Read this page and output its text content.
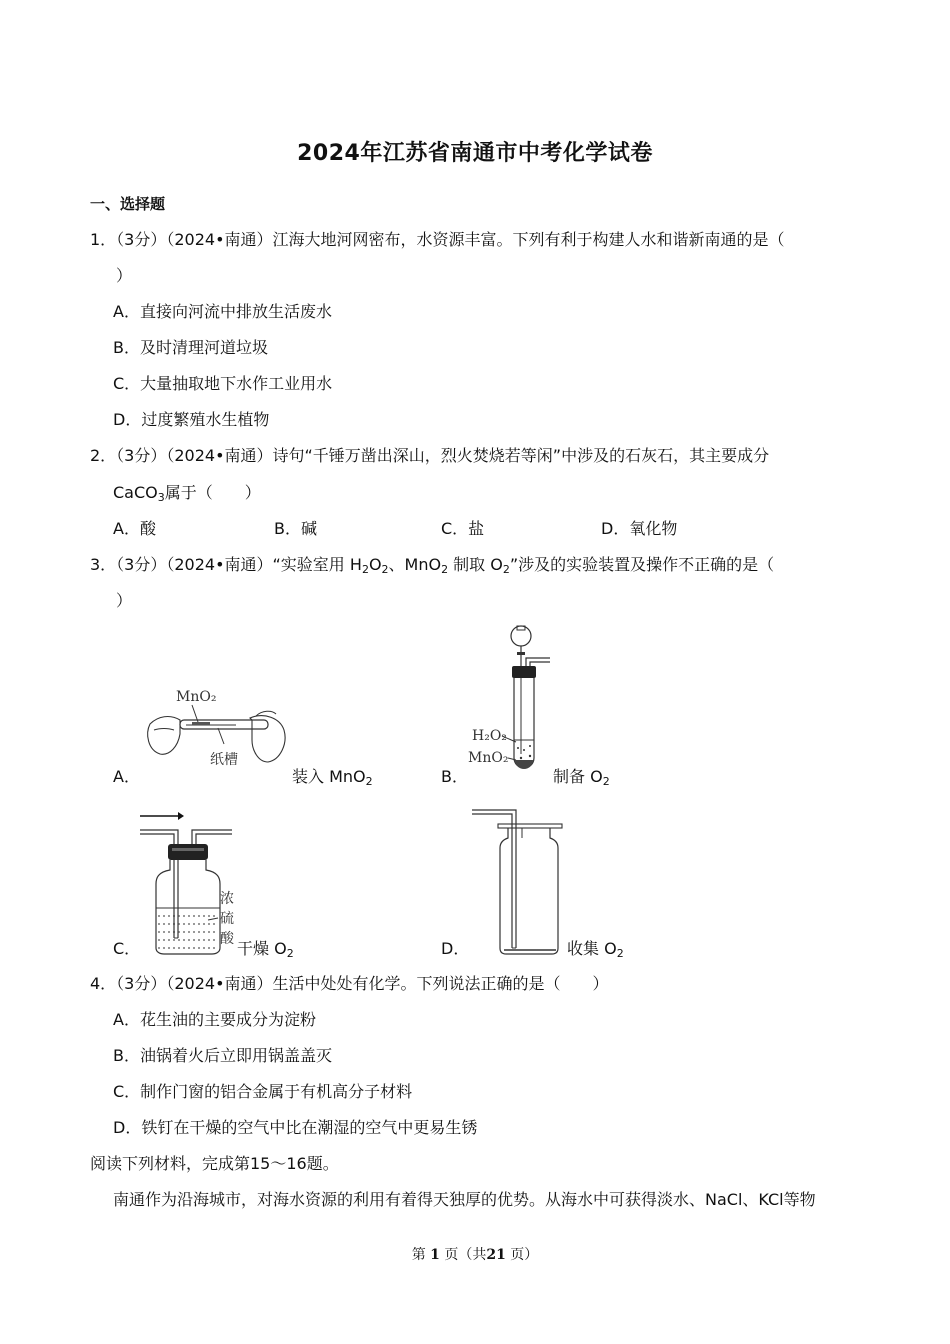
2024年江苏省南通市中考化学试卷
一、选择题
1．（3分）（2024•南通）江海大地河网密布，水资源丰富。下列有利于构建人水和谐新南通的是（
）
A．直接向河流中排放生活废水
B．及时清理河道垃圾
C．大量抽取地下水作工业用水
D．过度繁殖水生植物
2．（3分）（2024•南通）诗句“千锤万凿出深山，烈火焚烧若等闲”中涉及的石灰石，其主要成分
CaCO$_3$属于（　　）
A．酸	B．碱	C．盐	D．氧化物
3．（3分）（2024•南通）“实验室用 $H_2O_2$、MnO$_2$ 制取 $O_2$”涉及的实验装置及操作不正确的是（
）
MnO₂
纸槽
A．	装入 MnO$_2$
H₂O₂
MnO₂
B．	制备 $O_2$
浓
硫
酸
C．	干燥 $O_2$	D．	收集 $O_2$
4．（3分）（2024•南通）生活中处处有化学。下列说法正确的是（　　）
A．花生油的主要成分为淀粉
B．油锅着火后立即用锅盖盖灭
C．制作门窗的铝合金属于有机高分子材料
D．铁钉在干燥的空气中比在潮湿的空气中更易生锈
阅读下列材料，完成第15～16题。
南通作为沿海城市，对海水资源的利用有着得天独厚的优势。从海水中可获得淡水、NaCl、KCl等物
第 1 页（共21 页）
